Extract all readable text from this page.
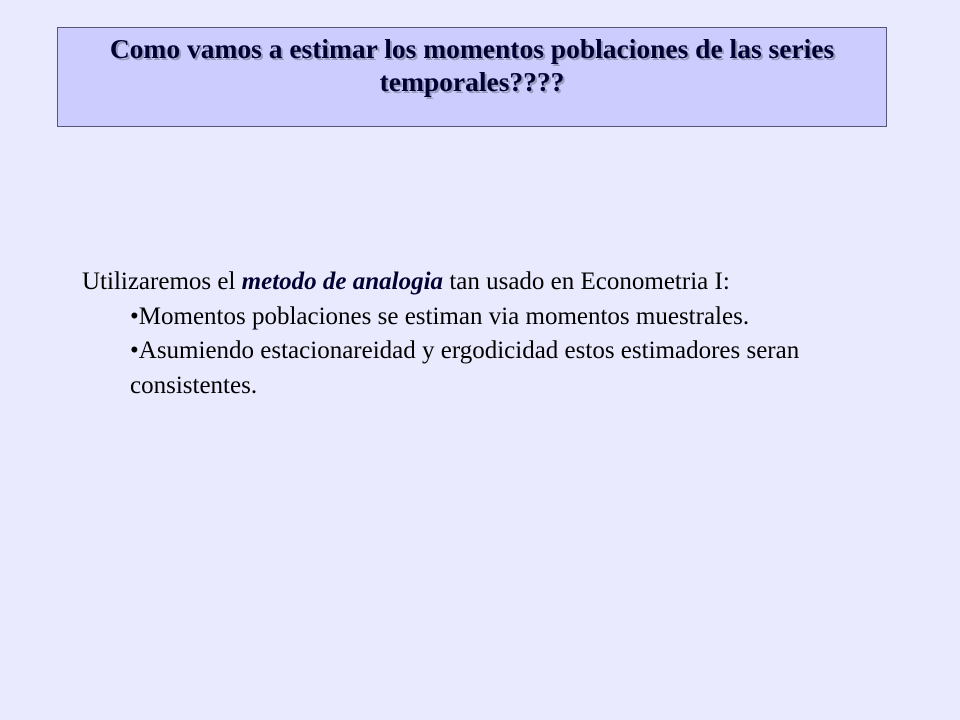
Como vamos a estimar los momentos poblaciones de las series temporales????

Utilizaremos el metodo de analogia tan usado en Econometria I:

•Momentos poblaciones se estiman via momentos muestrales.
•Asumiendo estacionareidad y ergodicidad estos estimadores seran consistentes.
